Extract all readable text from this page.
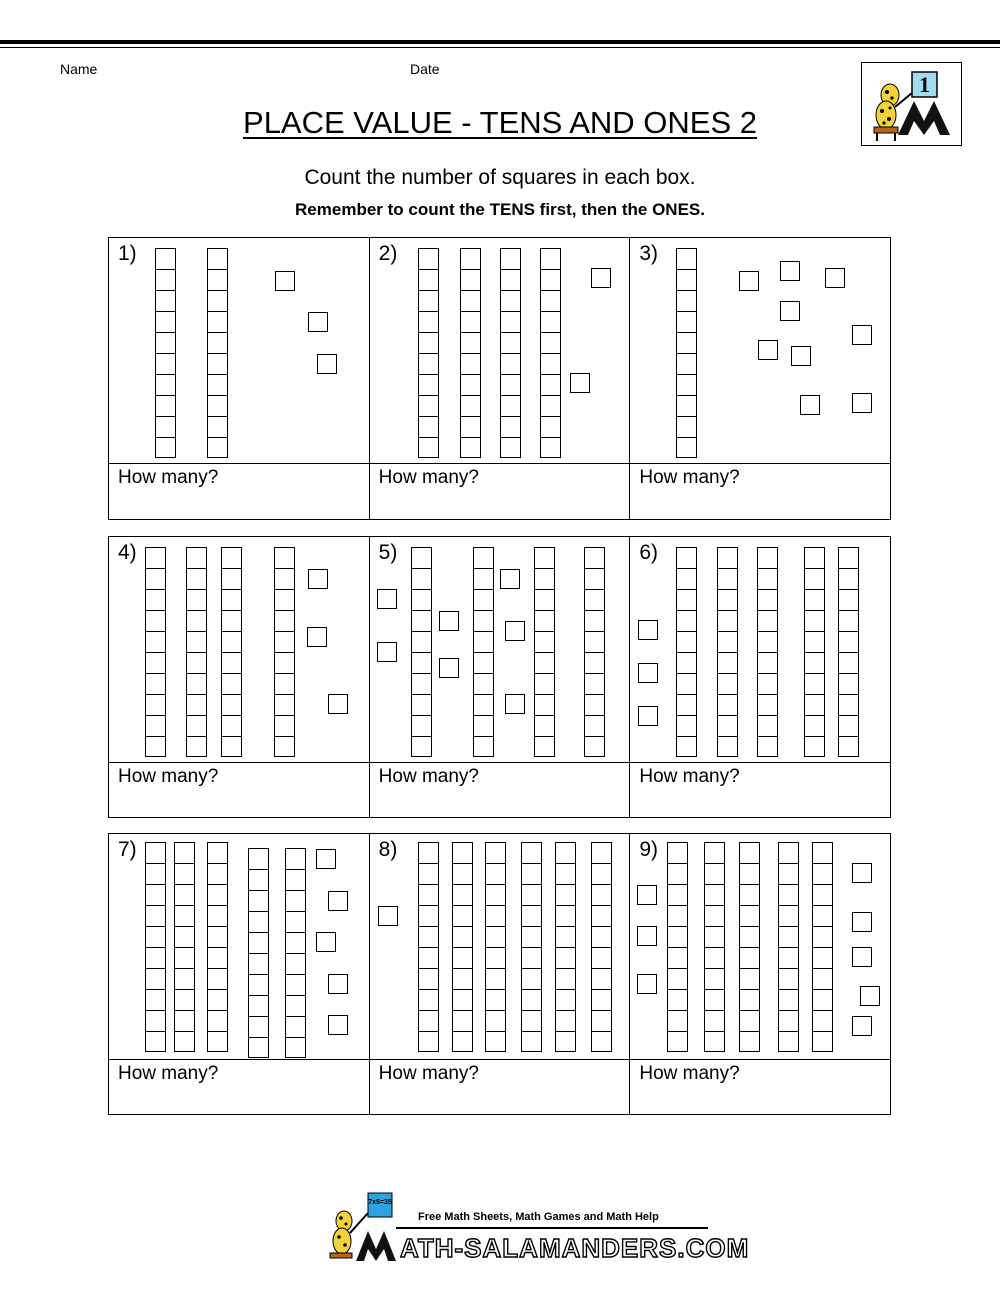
Name	Date
1
PLACE VALUE - TENS AND ONES 2
Count the number of squares in each box.
Remember to count the TENS first, then the ONES.
1)
How many?
2)
How many?
3)
How many?
4)
How many?
5)
How many?
6)
How many?
7)
How many?
8)
How many?
9)
How many?
7x5=35
Free Math Sheets, Math Games and Math Help
ATH-SALAMANDERS.COM
